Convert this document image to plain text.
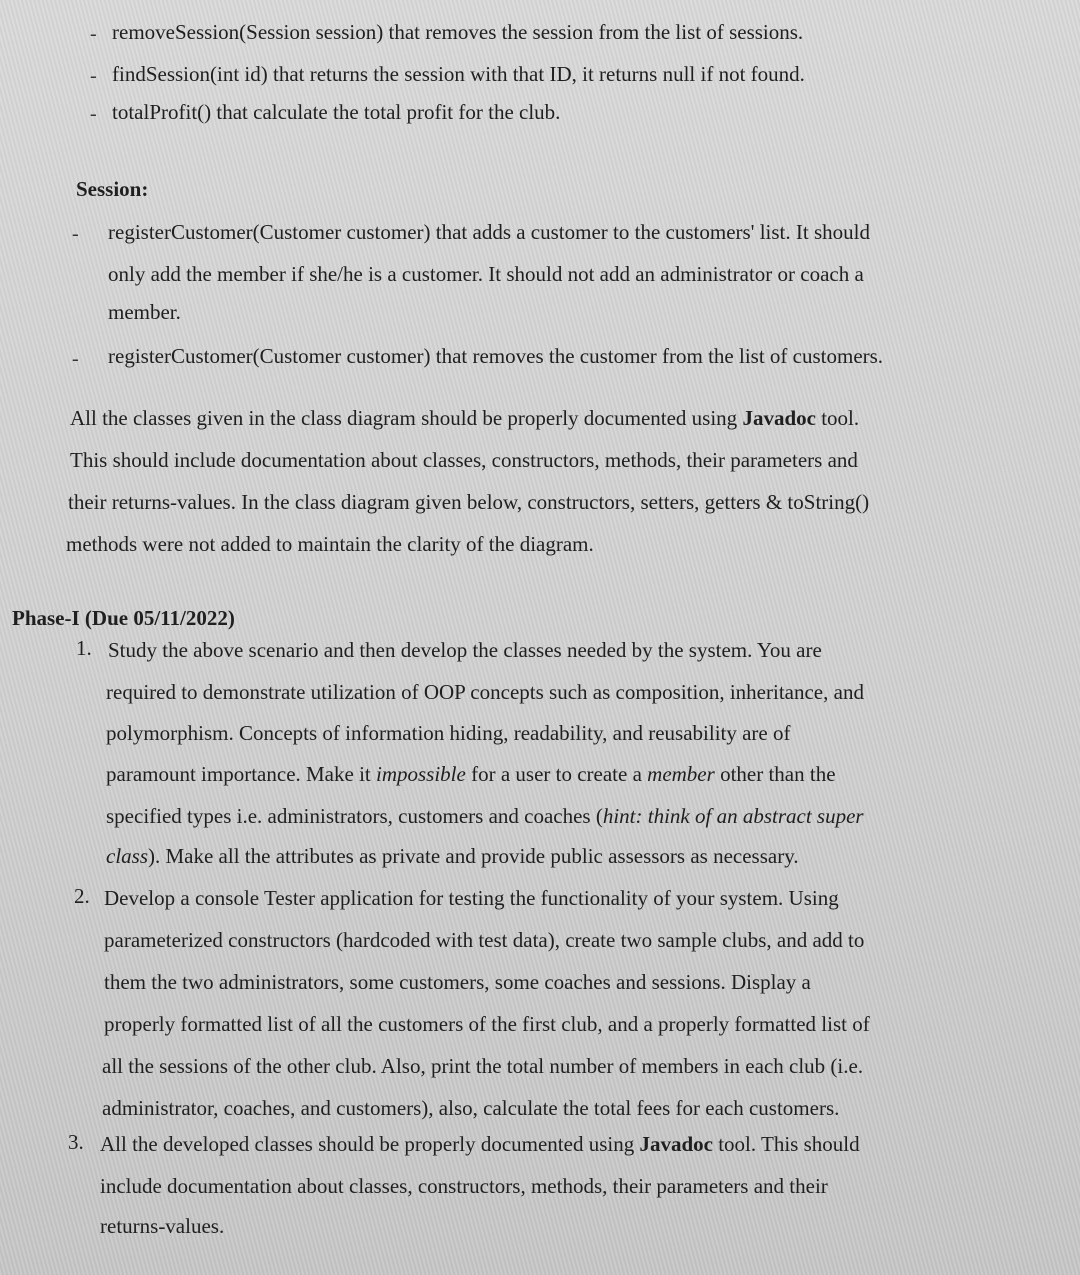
- removeSession(Session session) that removes the session from the list of sessions.
- findSession(int id) that returns the session with that ID, it returns null if not found.
- totalProfit() that calculate the total profit for the club.
Session:
- registerCustomer(Customer customer) that adds a customer to the customers' list. It should
only add the member if she/he is a customer. It should not add an administrator or coach a
member.
- registerCustomer(Customer customer) that removes the customer from the list of customers.
All the classes given in the class diagram should be properly documented using Javadoc tool.
This should include documentation about classes, constructors, methods, their parameters and
their returns-values. In the class diagram given below, constructors, setters, getters & toString()
methods were not added to maintain the clarity of the diagram.
Phase-I (Due 05/11/2022)
1. Study the above scenario and then develop the classes needed by the system. You are
required to demonstrate utilization of OOP concepts such as composition, inheritance, and
polymorphism. Concepts of information hiding, readability, and reusability are of
paramount importance. Make it impossible for a user to create a member other than the
specified types i.e. administrators, customers and coaches (hint: think of an abstract super
class). Make all the attributes as private and provide public assessors as necessary.
2. Develop a console Tester application for testing the functionality of your system. Using
parameterized constructors (hardcoded with test data), create two sample clubs, and add to
them the two administrators, some customers, some coaches and sessions. Display a
properly formatted list of all the customers of the first club, and a properly formatted list of
all the sessions of the other club. Also, print the total number of members in each club (i.e.
administrator, coaches, and customers), also, calculate the total fees for each customers.
3. All the developed classes should be properly documented using Javadoc tool. This should
include documentation about classes, constructors, methods, their parameters and their
returns-values.
